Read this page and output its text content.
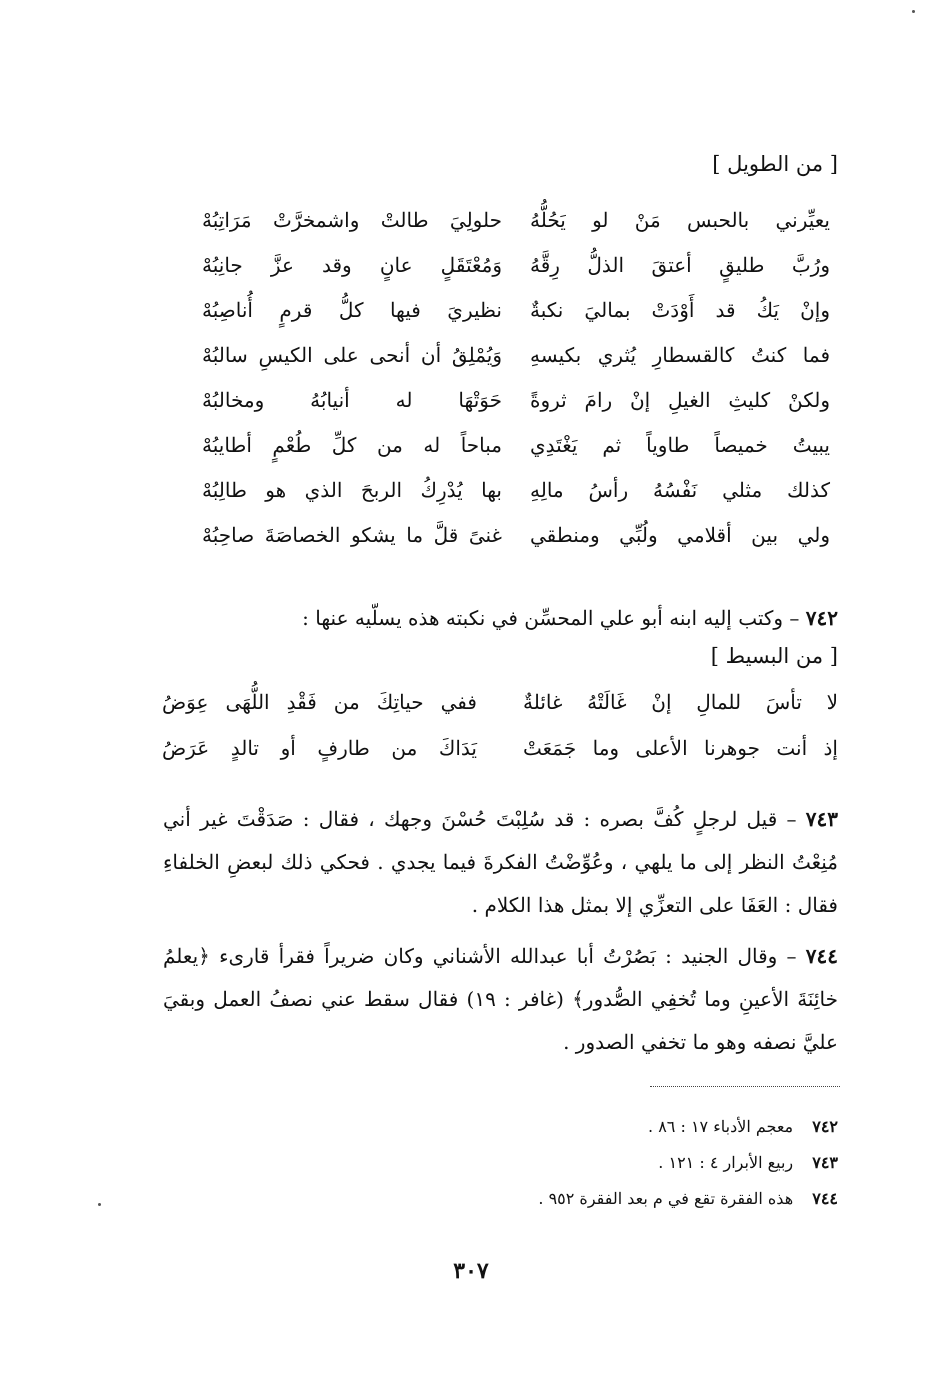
[ من الطويل ]
يعيِّرني بالحبس مَنْ لو يَحُلُّهُ
حلولِيَ طالتْ واشمخرَّتْ مَرَاتِبُهْ
ورُبَّ طليقٍ أعتقَ الذلُّ رِقَّهُ
وَمُعْتَقَلٍ عانٍ وقد عزَّ جانِبُهْ
وإنْ يَكُ قد أَوْدَتْ بماليَ نكبةٌ
نظيريَ فيها كلُّ قرمٍ أُناصِبُهْ
فما كنتُ كالقسطارِ يُثري بكيسهِ
وَيُمْلِقُ أن أنحى على الكيسِ سالبُهْ
ولكنْ كليثِ الغيلِ إنْ رامَ ثروةً
حَوَتْهَا له أنيابُهُ ومخالبُهْ
يبيتُ خميصاً طاوياً ثم يَغْتَدِي
مباحاً له من كلِّ طُعْمٍ أطايبُهْ
كذلك مثلي نَفْسُهُ رأسُ مالِهِ
بها يُدْرِكُ الربحَ الذي هو طالِبُهْ
ولي بين أقلامي ولُبِّي ومنطقي
غنىً قلَّ ما يشكو الخصاصَةَ صاحِبُهْ
٧٤٢ – وكتب إليه ابنه أبو علي المحسِّن في نكبته هذه يسلّيه عنها :
[ من البسيط ]
لا تأسَ للمالِ إنْ غَالَتْهُ غائلةٌ
ففي حياتِكَ من فَقْدِ اللُّهَى عِوَضُ
إذ أنت جوهرنا الأعلى وما جَمَعَتْ
يَدَاكَ من طارفٍ أو تالدٍ عَرَضُ
٧٤٣ – قيل لرجلٍ كُفَّ بصره : قد سُلِبْتَ حُسْنَ وجهك ، فقال : صَدَقْتَ غير أني مُنِعْتُ النظر إلى ما يلهي ، وعُوِّضْتُ الفكرةَ فيما يجدي . فحكي ذلك لبعضِ الخلفاءِ فقال : العَفَا على التعزِّي إلا بمثل هذا الكلام .
٧٤٤ – وقال الجنيد : بَصُرْتُ أبا عبدالله الأشناني وكان ضريراً فقرأ قارىء ﴿يعلمُ خائِنَةَ الأعينِ وما تُخفِي الصُّدور﴾ (غافر : ١٩) فقال سقط عني نصفُ العمل وبقيَ عليَّ نصفه وهو ما تخفي الصدور .
٧٤٢ معجم الأدباء ١٧ : ٨٦ .
٧٤٣ ربيع الأبرار ٤ : ١٢١ .
٧٤٤ هذه الفقرة تقع في م بعد الفقرة ٩٥٢ .
٣٠٧
